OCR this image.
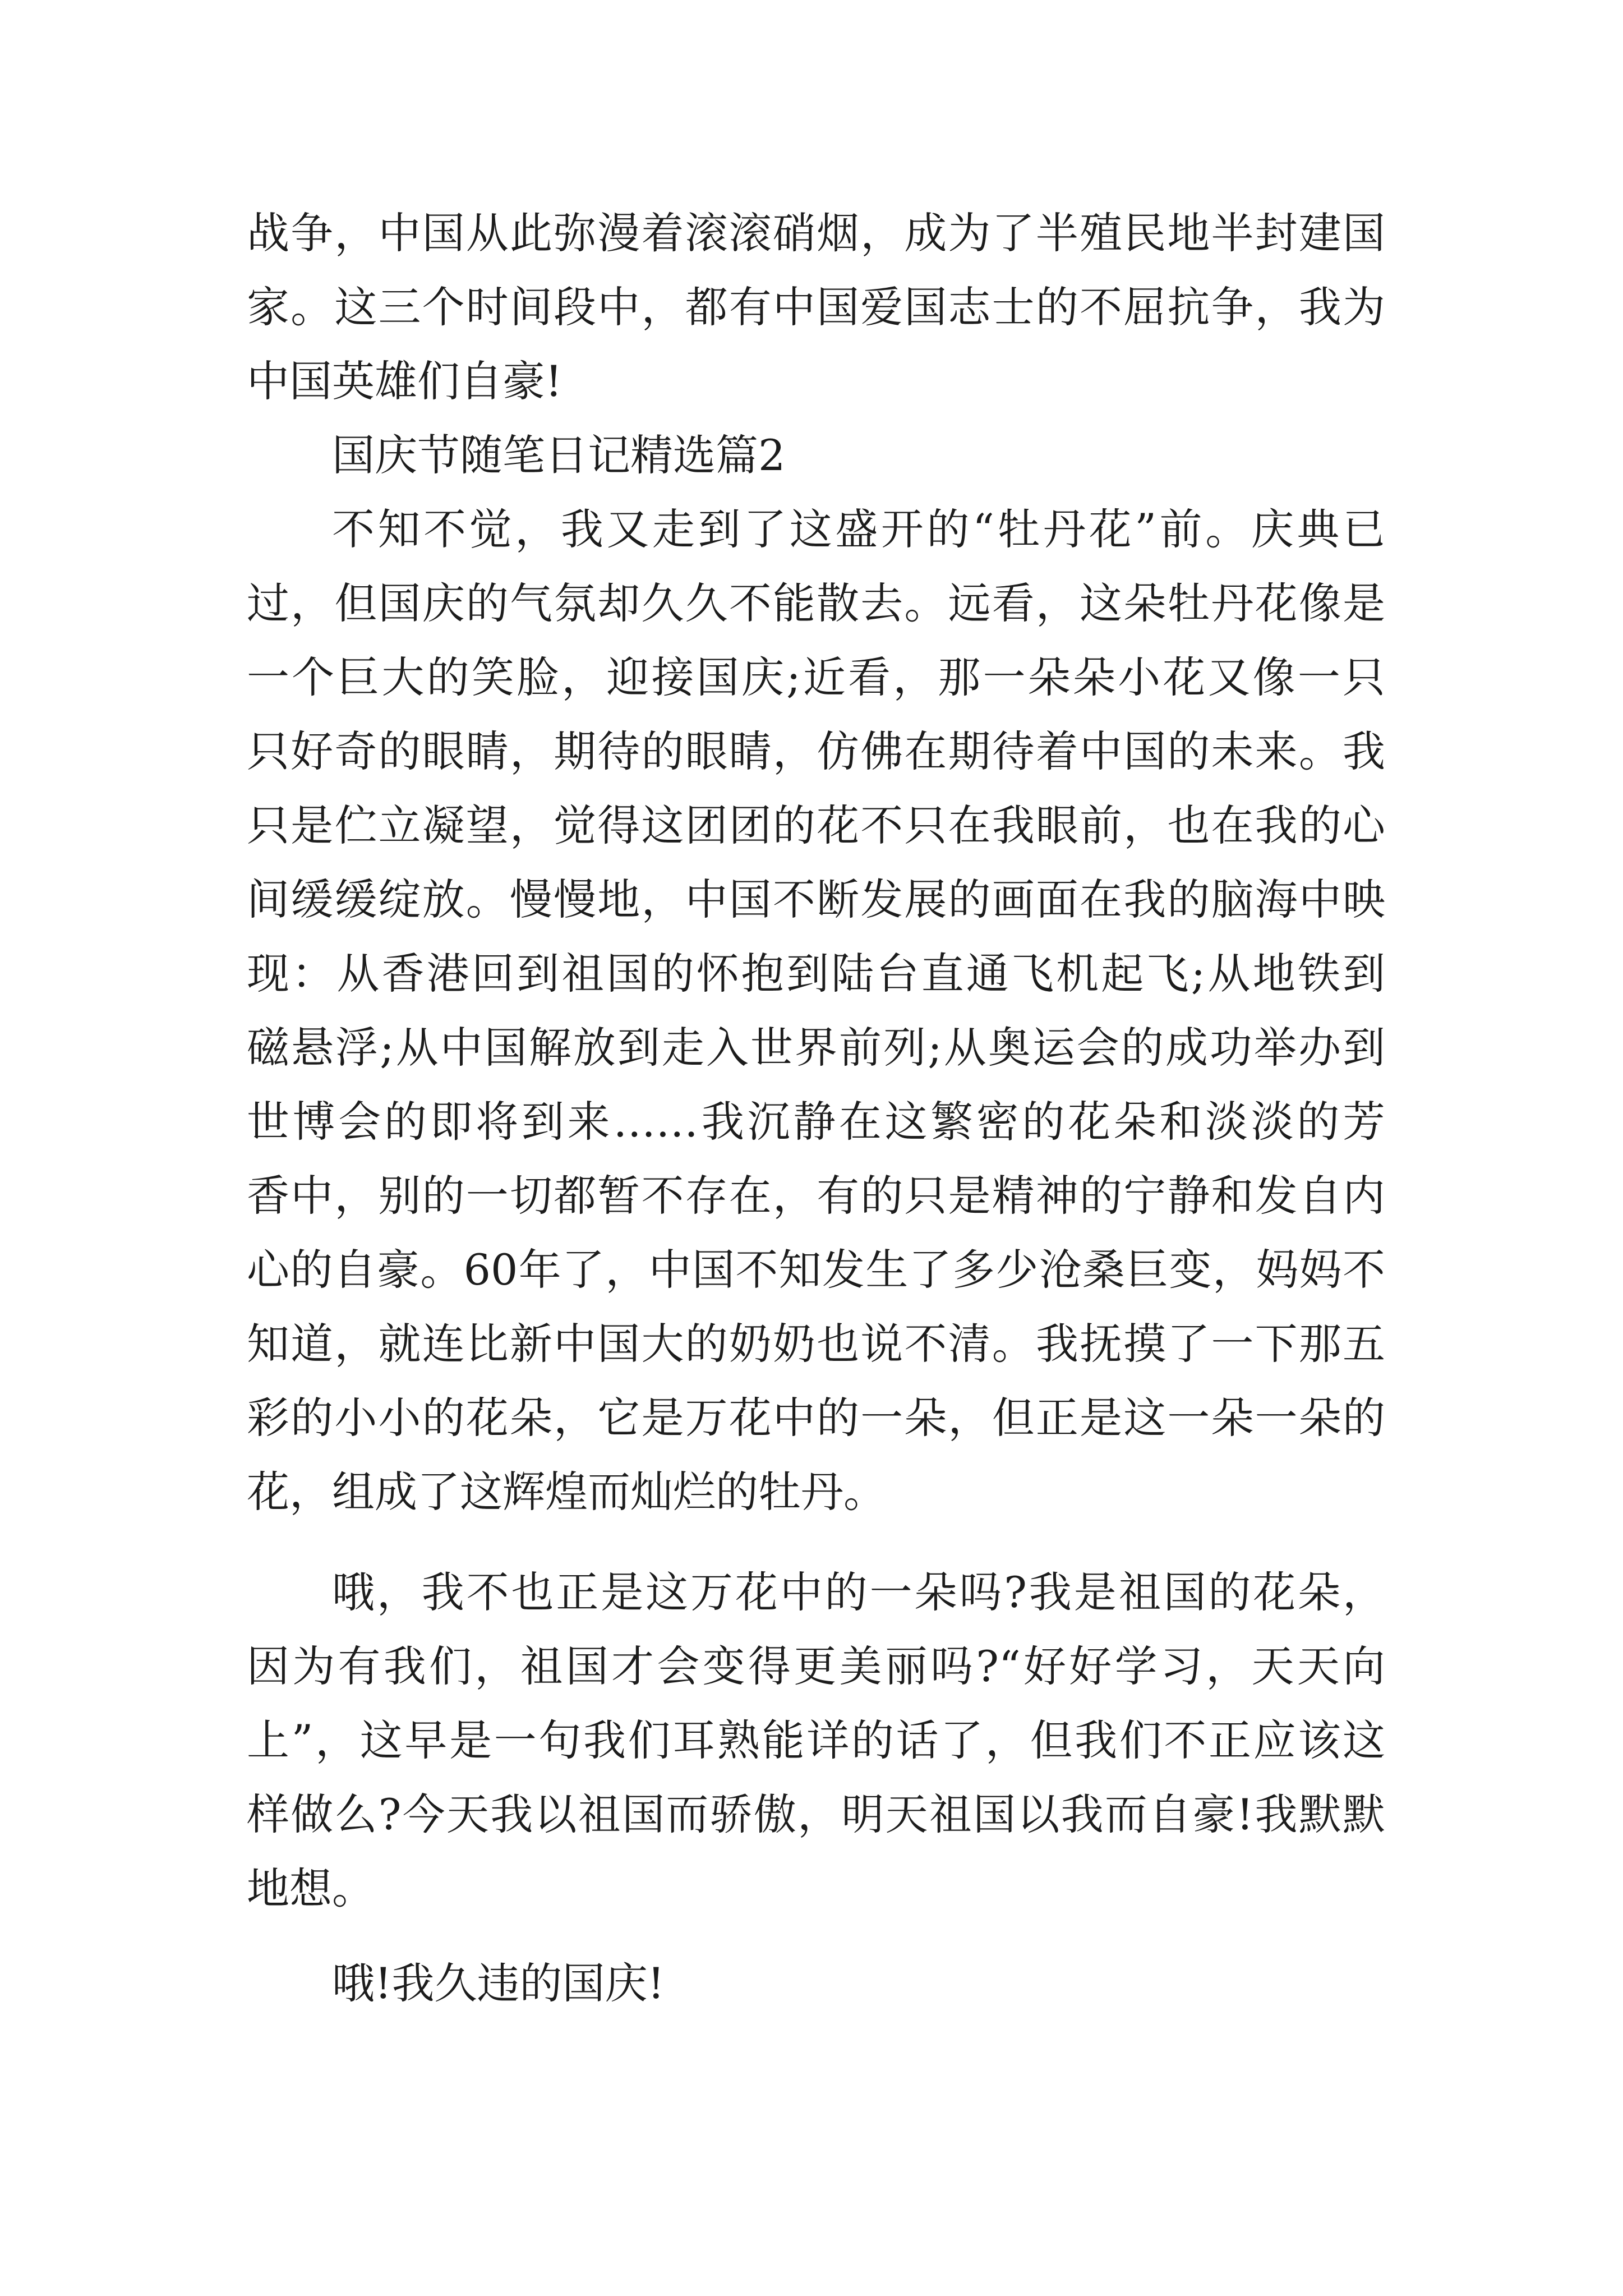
战争，中国从此弥漫着滚滚硝烟，成为了半殖民地半封建国

家。这三个时间段中，都有中国爱国志士的不屈抗争，我为

中国英雄们自豪!

国庆节随笔日记精选篇2

不知不觉，我又走到了这盛开的“牡丹花”前。庆典已

过，但国庆的气氛却久久不能散去。远看，这朵牡丹花像是

一个巨大的笑脸，迎接国庆;近看，那一朵朵小花又像一只

只好奇的眼睛，期待的眼睛，仿佛在期待着中国的未来。我

只是伫立凝望，觉得这团团的花不只在我眼前，也在我的心

间缓缓绽放。慢慢地，中国不断发展的画面在我的脑海中映

现：从香港回到祖国的怀抱到陆台直通飞机起飞;从地铁到

磁悬浮;从中国解放到走入世界前列;从奥运会的成功举办到

世博会的即将到来……我沉静在这繁密的花朵和淡淡的芳

香中，别的一切都暂不存在，有的只是精神的宁静和发自内

心的自豪。60年了，中国不知发生了多少沧桑巨变，妈妈不

知道，就连比新中国大的奶奶也说不清。我抚摸了一下那五

彩的小小的花朵，它是万花中的一朵，但正是这一朵一朵的

花，组成了这辉煌而灿烂的牡丹。

哦，我不也正是这万花中的一朵吗?我是祖国的花朵，

因为有我们，祖国才会变得更美丽吗?“好好学习，天天向

上”，这早是一句我们耳熟能详的话了，但我们不正应该这

样做么?今天我以祖国而骄傲，明天祖国以我而自豪!我默默

地想。

哦!我久违的国庆!
